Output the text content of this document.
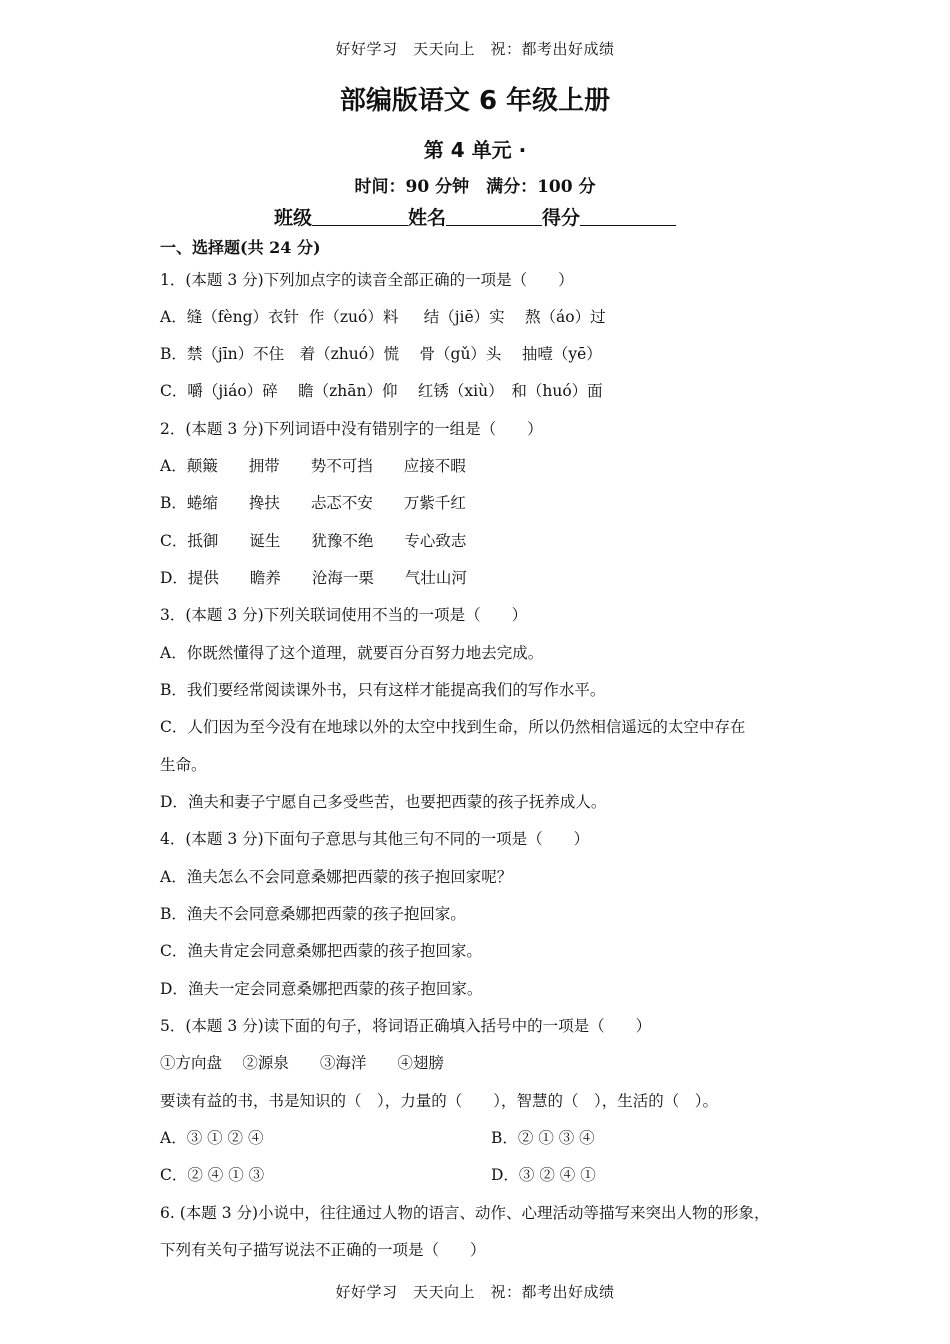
好好学习　天天向上　祝：都考出好成绩
部编版语文 6 年级上册
第 4 单元 ·
时间：90 分钟　满分：100 分
班级	姓名	得分
一、选择题(共 24 分)
1．(本题 3 分)下列加点字的读音全部正确的一项是（　　）
A．缝（fèng）衣针  作（zuó）料　  结（jiē）实　 熬（áo）过
B．禁（jīn）不住　着（zhuó）慌　 骨（gǔ）头　 抽噎（yē）
C．嚼（jiáo）碎　 瞻（zhān）仰　 红锈（xiù）　和（huó）面
2．(本题 3 分)下列词语中没有错别字的一组是（　　）
A．颠簸　　拥带　　势不可挡　　应接不暇
B．蜷缩　　搀扶　　忐忑不安　　万紫千红
C．抵御　　诞生　　犹豫不绝　　专心致志
D．提供　　瞻养　　沧海一栗　　气壮山河
3．(本题 3 分)下列关联词使用不当的一项是（　　）
A．你既然懂得了这个道理，就要百分百努力地去完成。
B．我们要经常阅读课外书，只有这样才能提高我们的写作水平。
C．人们因为至今没有在地球以外的太空中找到生命，所以仍然相信遥远的太空中存在
生命。
D．渔夫和妻子宁愿自己多受些苦，也要把西蒙的孩子抚养成人。
4．(本题 3 分)下面句子意思与其他三句不同的一项是（　　）
A．渔夫怎么不会同意桑娜把西蒙的孩子抱回家呢？
B．渔夫不会同意桑娜把西蒙的孩子抱回家。
C．渔夫肯定会同意桑娜把西蒙的孩子抱回家。
D．渔夫一定会同意桑娜把西蒙的孩子抱回家。
5．(本题 3 分)读下面的句子，将词语正确填入括号中的一项是（　　）
①方向盘　 ②源泉　　③海洋　　④翅膀
要读有益的书，书是知识的（　），力量的（　　），智慧的（　），生活的（　）。
A．③ ① ② ④	B．② ① ③ ④
C．② ④ ① ③	D．③ ② ④ ①
6. (本题 3 分)小说中，往往通过人物的语言、动作、心理活动等描写来突出人物的形象，
下列有关句子描写说法不正确的一项是（　　）
好好学习　天天向上　祝：都考出好成绩
